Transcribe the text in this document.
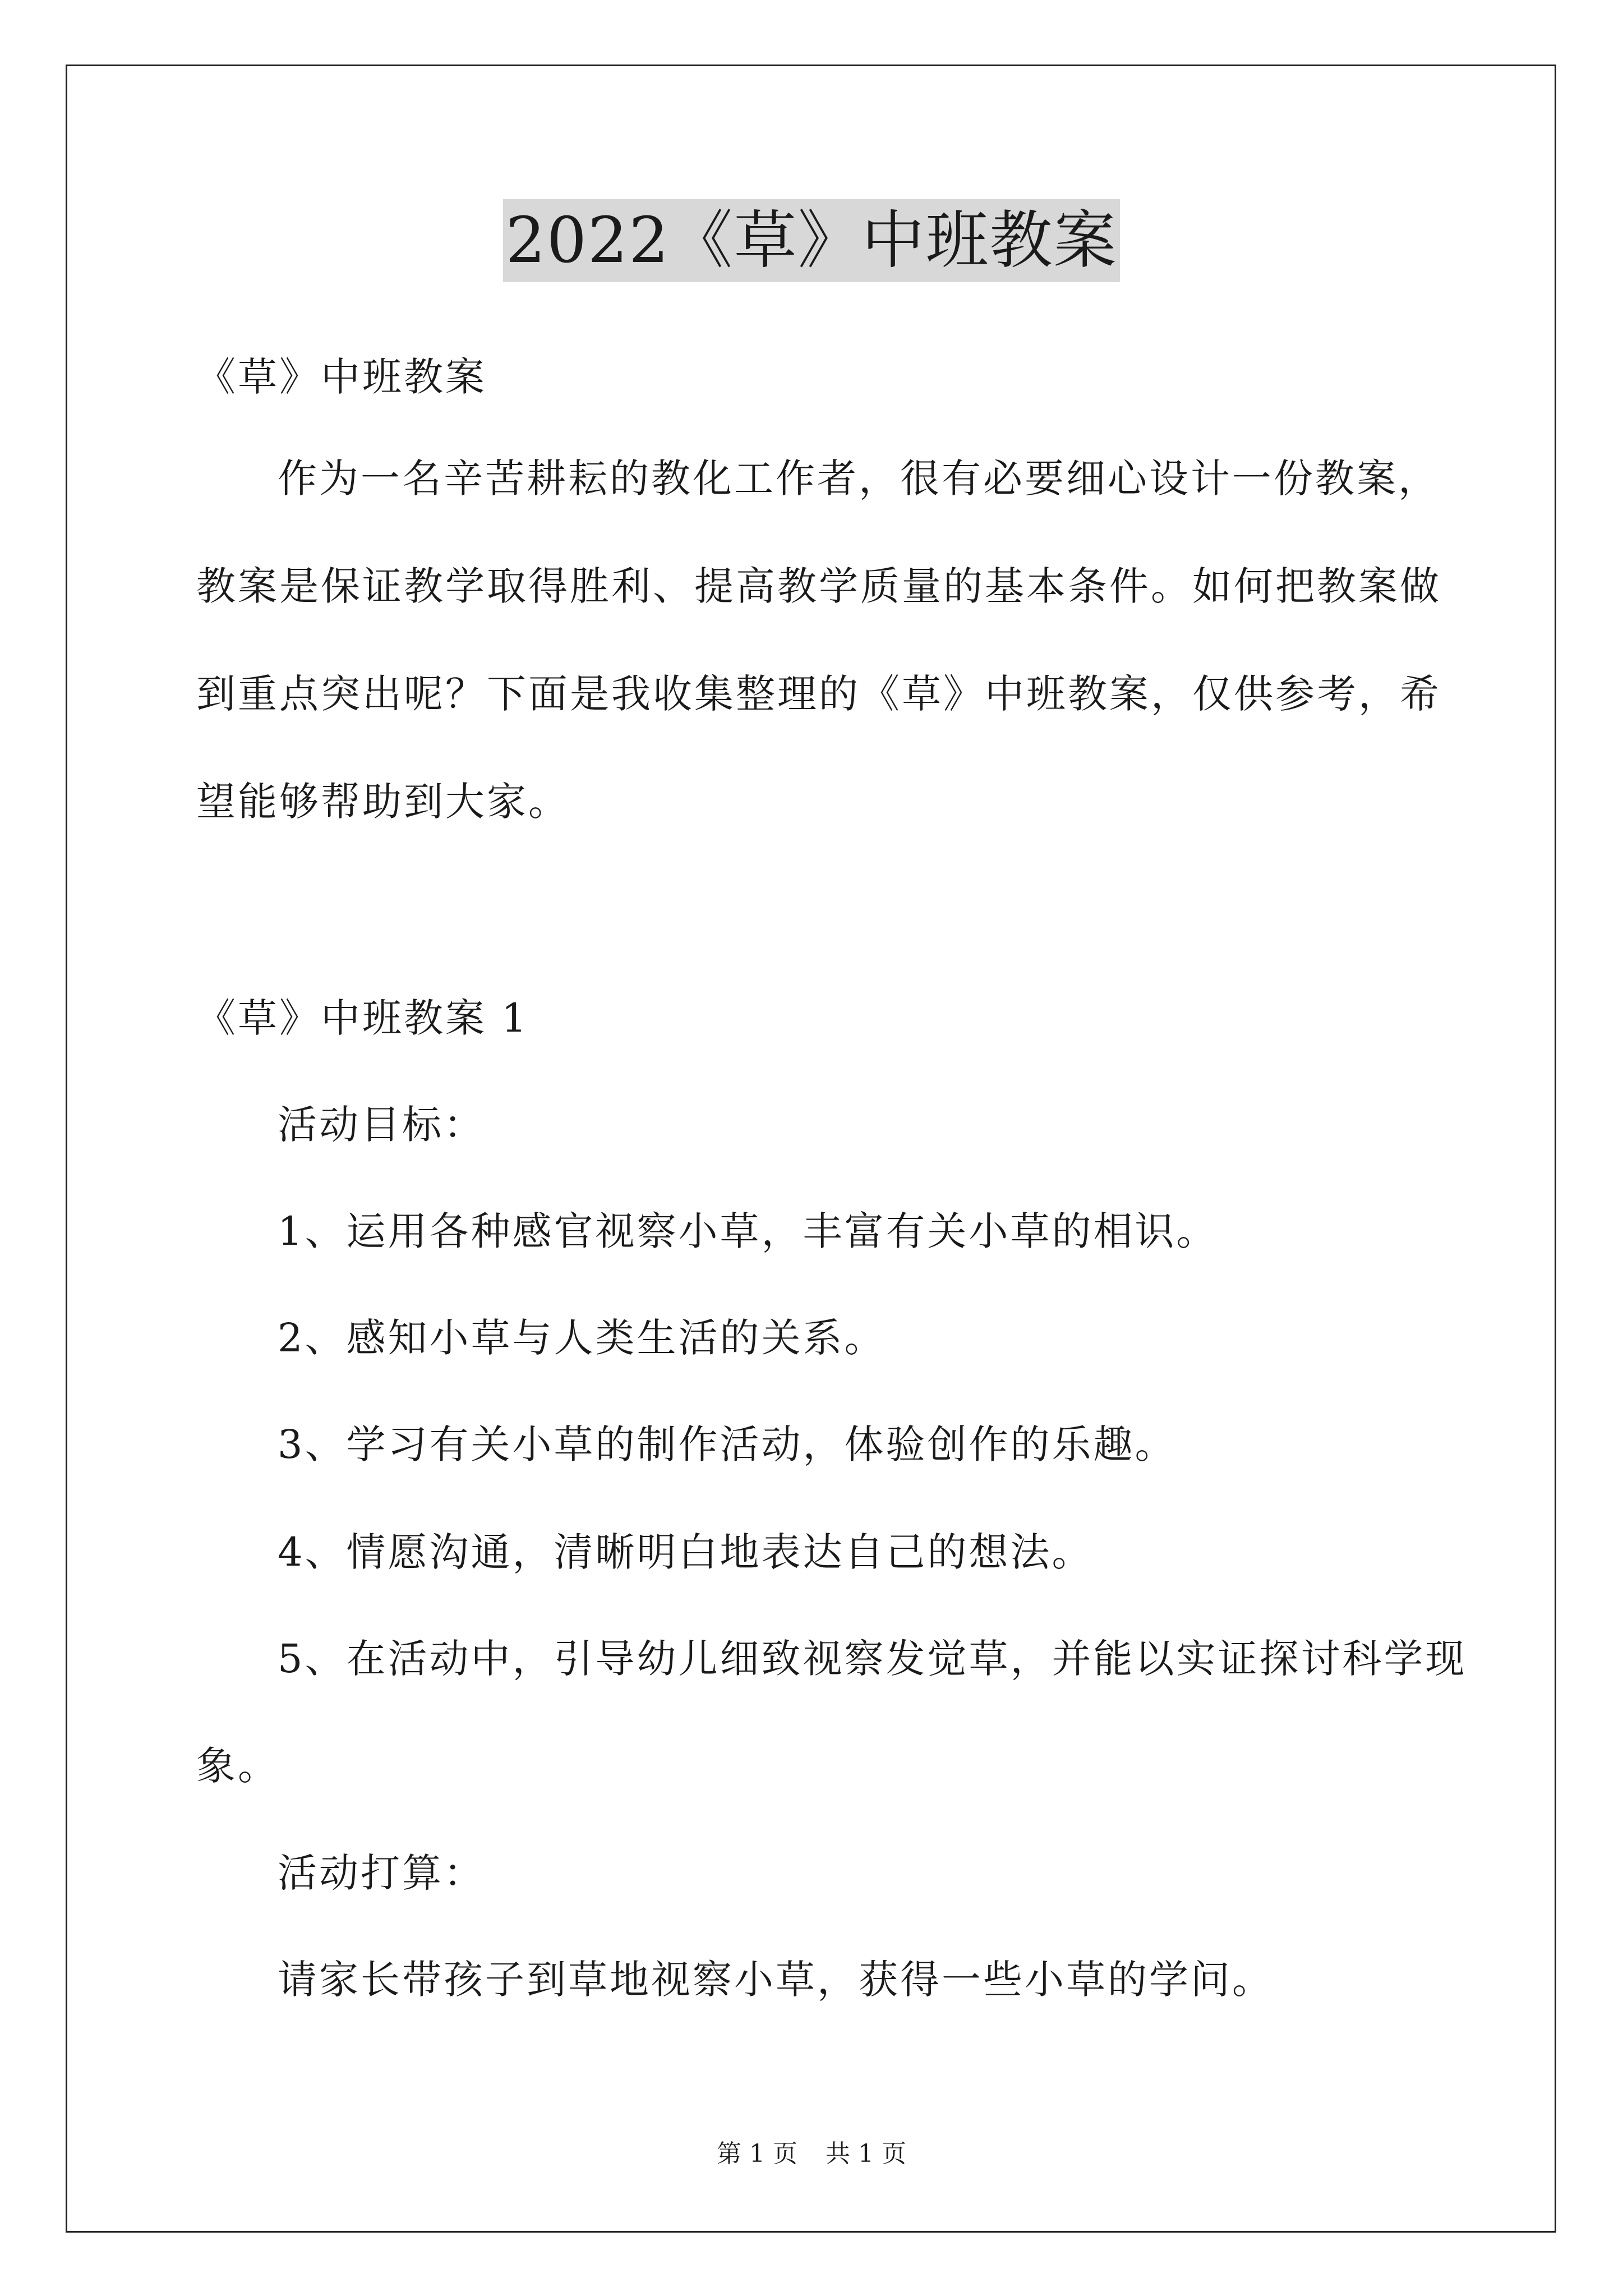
2022《草》中班教案
《草》中班教案
作为一名辛苦耕耘的教化工作者，很有必要细心设计一份教案，
教案是保证教学取得胜利、提高教学质量的基本条件。如何把教案做
到重点突出呢？下面是我收集整理的《草》中班教案，仅供参考，希
望能够帮助到大家。
《草》中班教案 1
活动目标：
1、运用各种感官视察小草，丰富有关小草的相识。
2、感知小草与人类生活的关系。
3、学习有关小草的制作活动，体验创作的乐趣。
4、情愿沟通，清晰明白地表达自己的想法。
5、在活动中，引导幼儿细致视察发觉草，并能以实证探讨科学现
象。
活动打算：
请家长带孩子到草地视察小草，获得一些小草的学问。
第 1 页 共 1 页
